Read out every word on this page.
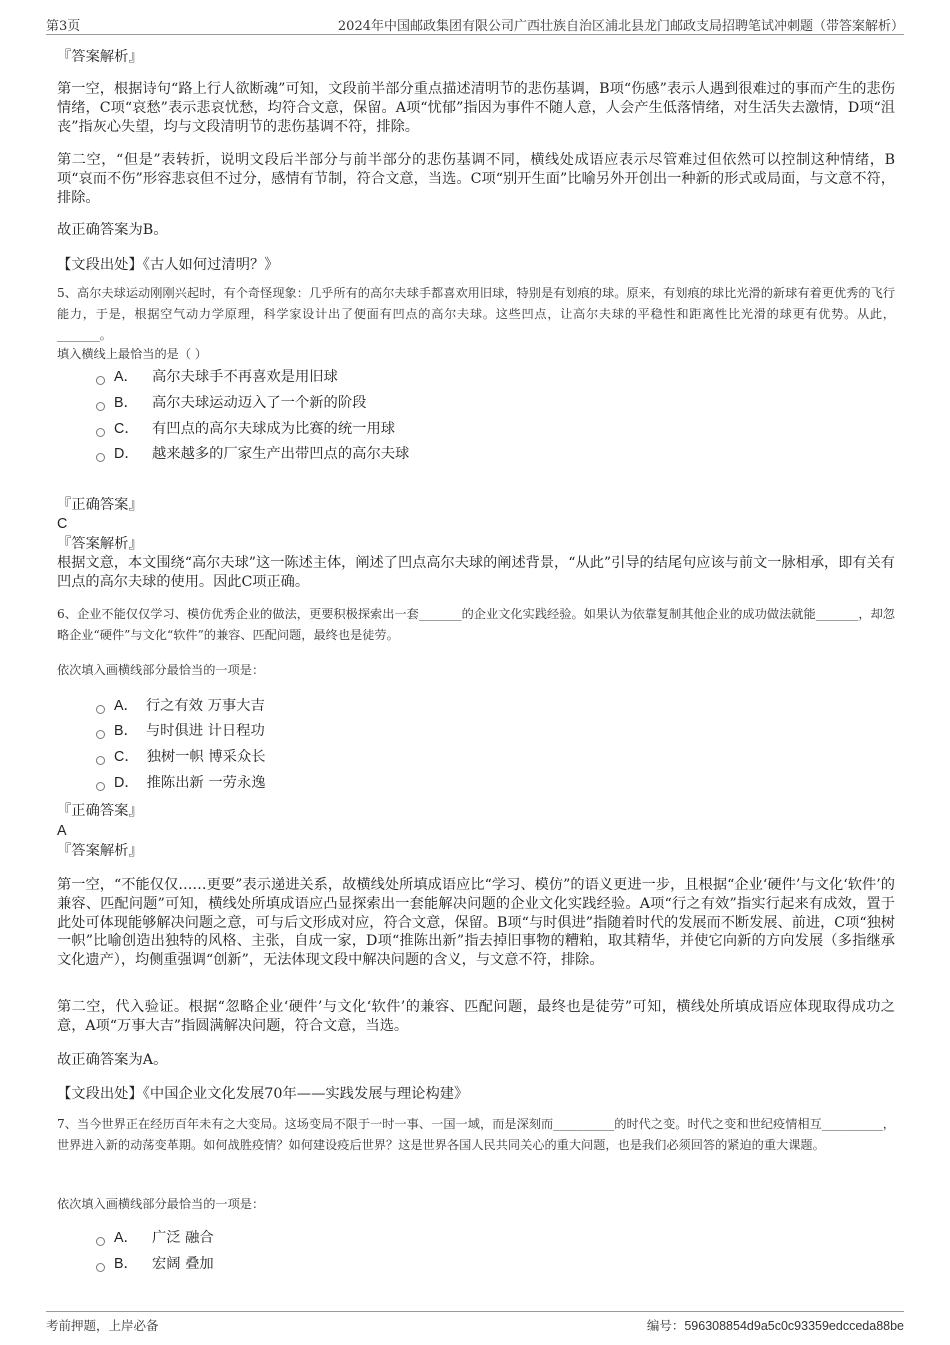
第3页	2024年中国邮政集团有限公司广西壮族自治区浦北县龙门邮政支局招聘笔试冲刺题（带答案解析）
『答案解析』

第一空，根据诗句“路上行人欲断魂”可知，文段前半部分重点描述清明节的悲伤基调，B项“伤感”表示人遇到很难过的事而产生的悲伤情绪，C项“哀愁”表示悲哀忧愁，均符合文意，保留。A项“忧郁”指因为事件不随人意，人会产生低落情绪，对生活失去激情，D项“沮丧”指灰心失望，均与文段清明节的悲伤基调不符，排除。

第二空，“但是”表转折，说明文段后半部分与前半部分的悲伤基调不同，横线处成语应表示尽管难过但依然可以控制这种情绪，B项“哀而不伤”形容悲哀但不过分，感情有节制，符合文意，当选。C项“别开生面”比喻另外开创出一种新的形式或局面，与文意不符，排除。

故正确答案为B。
【文段出处】《古人如何过清明？》

5、高尔夫球运动刚刚兴起时，有个奇怪现象：几乎所有的高尔夫球手都喜欢用旧球，特别是有划痕的球。原来，有划痕的球比光滑的新球有着更优秀的飞行能力，于是，根据空气动力学原理，科学家设计出了便面有凹点的高尔夫球。这些凹点，让高尔夫球的平稳性和距离性比光滑的球更有优势。从此，_______。

填入横线上最恰当的是（ ）
A． 高尔夫球手不再喜欢是用旧球
B． 高尔夫球运动迈入了一个新的阶段
C． 有凹点的高尔夫球成为比赛的统一用球
D． 越来越多的厂家生产出带凹点的高尔夫球
『正确答案』
C
『答案解析』

根据文意，本文围绕“高尔夫球”这一陈述主体，阐述了凹点高尔夫球的阐述背景，“从此”引导的结尾句应该与前文一脉相承，即有关有凹点的高尔夫球的使用。因此C项正确。

6、企业不能仅仅学习、模仿优秀企业的做法，更要积极探索出一套_______的企业文化实践经验。如果认为依靠复制其他企业的成功做法就能_______，却忽略企业“硬件”与文化“软件”的兼容、匹配问题，最终也是徒劳。

依次填入画横线部分最恰当的一项是：
A． 行之有效 万事大吉
B． 与时俱进 计日程功
C． 独树一帜 博采众长
D． 推陈出新 一劳永逸
『正确答案』
A
『答案解析』

第一空，“不能仅仅……更要”表示递进关系，故横线处所填成语应比“学习、模仿”的语义更进一步，且根据“企业‘硬件’与文化‘软件’的兼容、匹配问题”可知，横线处所填成语应凸显探索出一套能解决问题的企业文化实践经验。A项“行之有效”指实行起来有成效，置于此处可体现能够解决问题之意，可与后文形成对应，符合文意，保留。B项“与时俱进”指随着时代的发展而不断发展、前进，C项“独树一帜”比喻创造出独特的风格、主张，自成一家，D项“推陈出新”指去掉旧事物的糟粕，取其精华，并使它向新的方向发展（多指继承文化遗产），均侧重强调“创新”，无法体现文段中解决问题的含义，与文意不符，排除。

第二空，代入验证。根据“忽略企业‘硬件’与文化‘软件’的兼容、匹配问题，最终也是徒劳”可知，横线处所填成语应体现取得成功之意，A项“万事大吉”指圆满解决问题，符合文意，当选。

故正确答案为A。
【文段出处】《中国企业文化发展70年——实践发展与理论构建》

7、当今世界正在经历百年未有之大变局。这场变局不限于一时一事、一国一域，而是深刻而__________的时代之变。时代之变和世纪疫情相互__________，世界进入新的动荡变革期。如何战胜疫情？如何建设疫后世界？这是世界各国人民共同关心的重大问题，也是我们必须回答的紧迫的重大课题。

依次填入画横线部分最恰当的一项是：
A． 广泛 融合
B． 宏阔 叠加
考前押题，上岸必备	编号：596308854d9a5c0c93359edcceda88be
